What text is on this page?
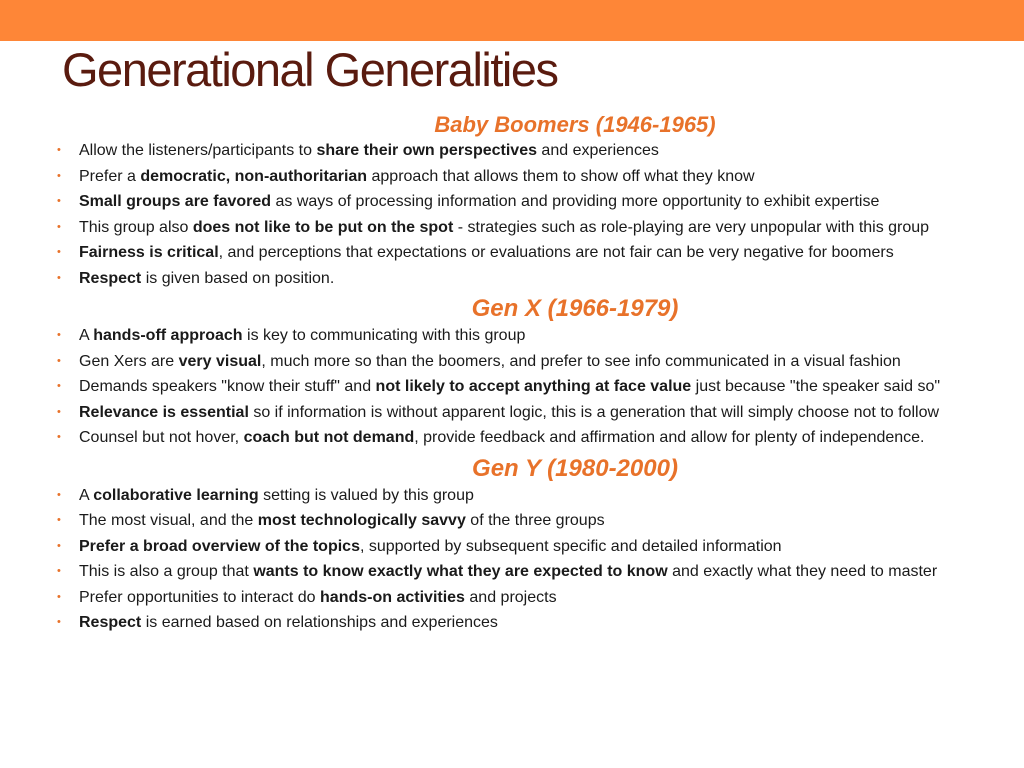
Generational Generalities
Baby Boomers (1946-1965)
• Allow the listeners/participants to share their own perspectives and experiences
• Prefer a democratic, non-authoritarian approach that allows them to show off what they know
• Small groups are favored as ways of processing information and providing more opportunity to exhibit expertise
• This group also does not like to be put on the spot - strategies such as role-playing are very unpopular with this group
• Fairness is critical, and perceptions that expectations or evaluations are not fair can be very negative for boomers
• Respect is given based on position.
Gen X (1966-1979)
• A hands-off approach is key to communicating with this group
• Gen Xers are very visual, much more so than the boomers, and prefer to see info communicated in a visual fashion
• Demands speakers "know their stuff" and not likely to accept anything at face value just because "the speaker said so"
• Relevance is essential so if information is without apparent logic, this is a generation that will simply choose not to follow
• Counsel but not hover, coach but not demand, provide feedback and affirmation and allow for plenty of independence.
Gen Y (1980-2000)
• A collaborative learning setting is valued by this group
• The most visual, and the most technologically savvy of the three groups
• Prefer a broad overview of the topics, supported by subsequent specific and detailed information
• This is also a group that wants to know exactly what they are expected to know and exactly what they need to master
• Prefer opportunities to interact do hands-on activities and projects
• Respect is earned based on relationships and experiences
